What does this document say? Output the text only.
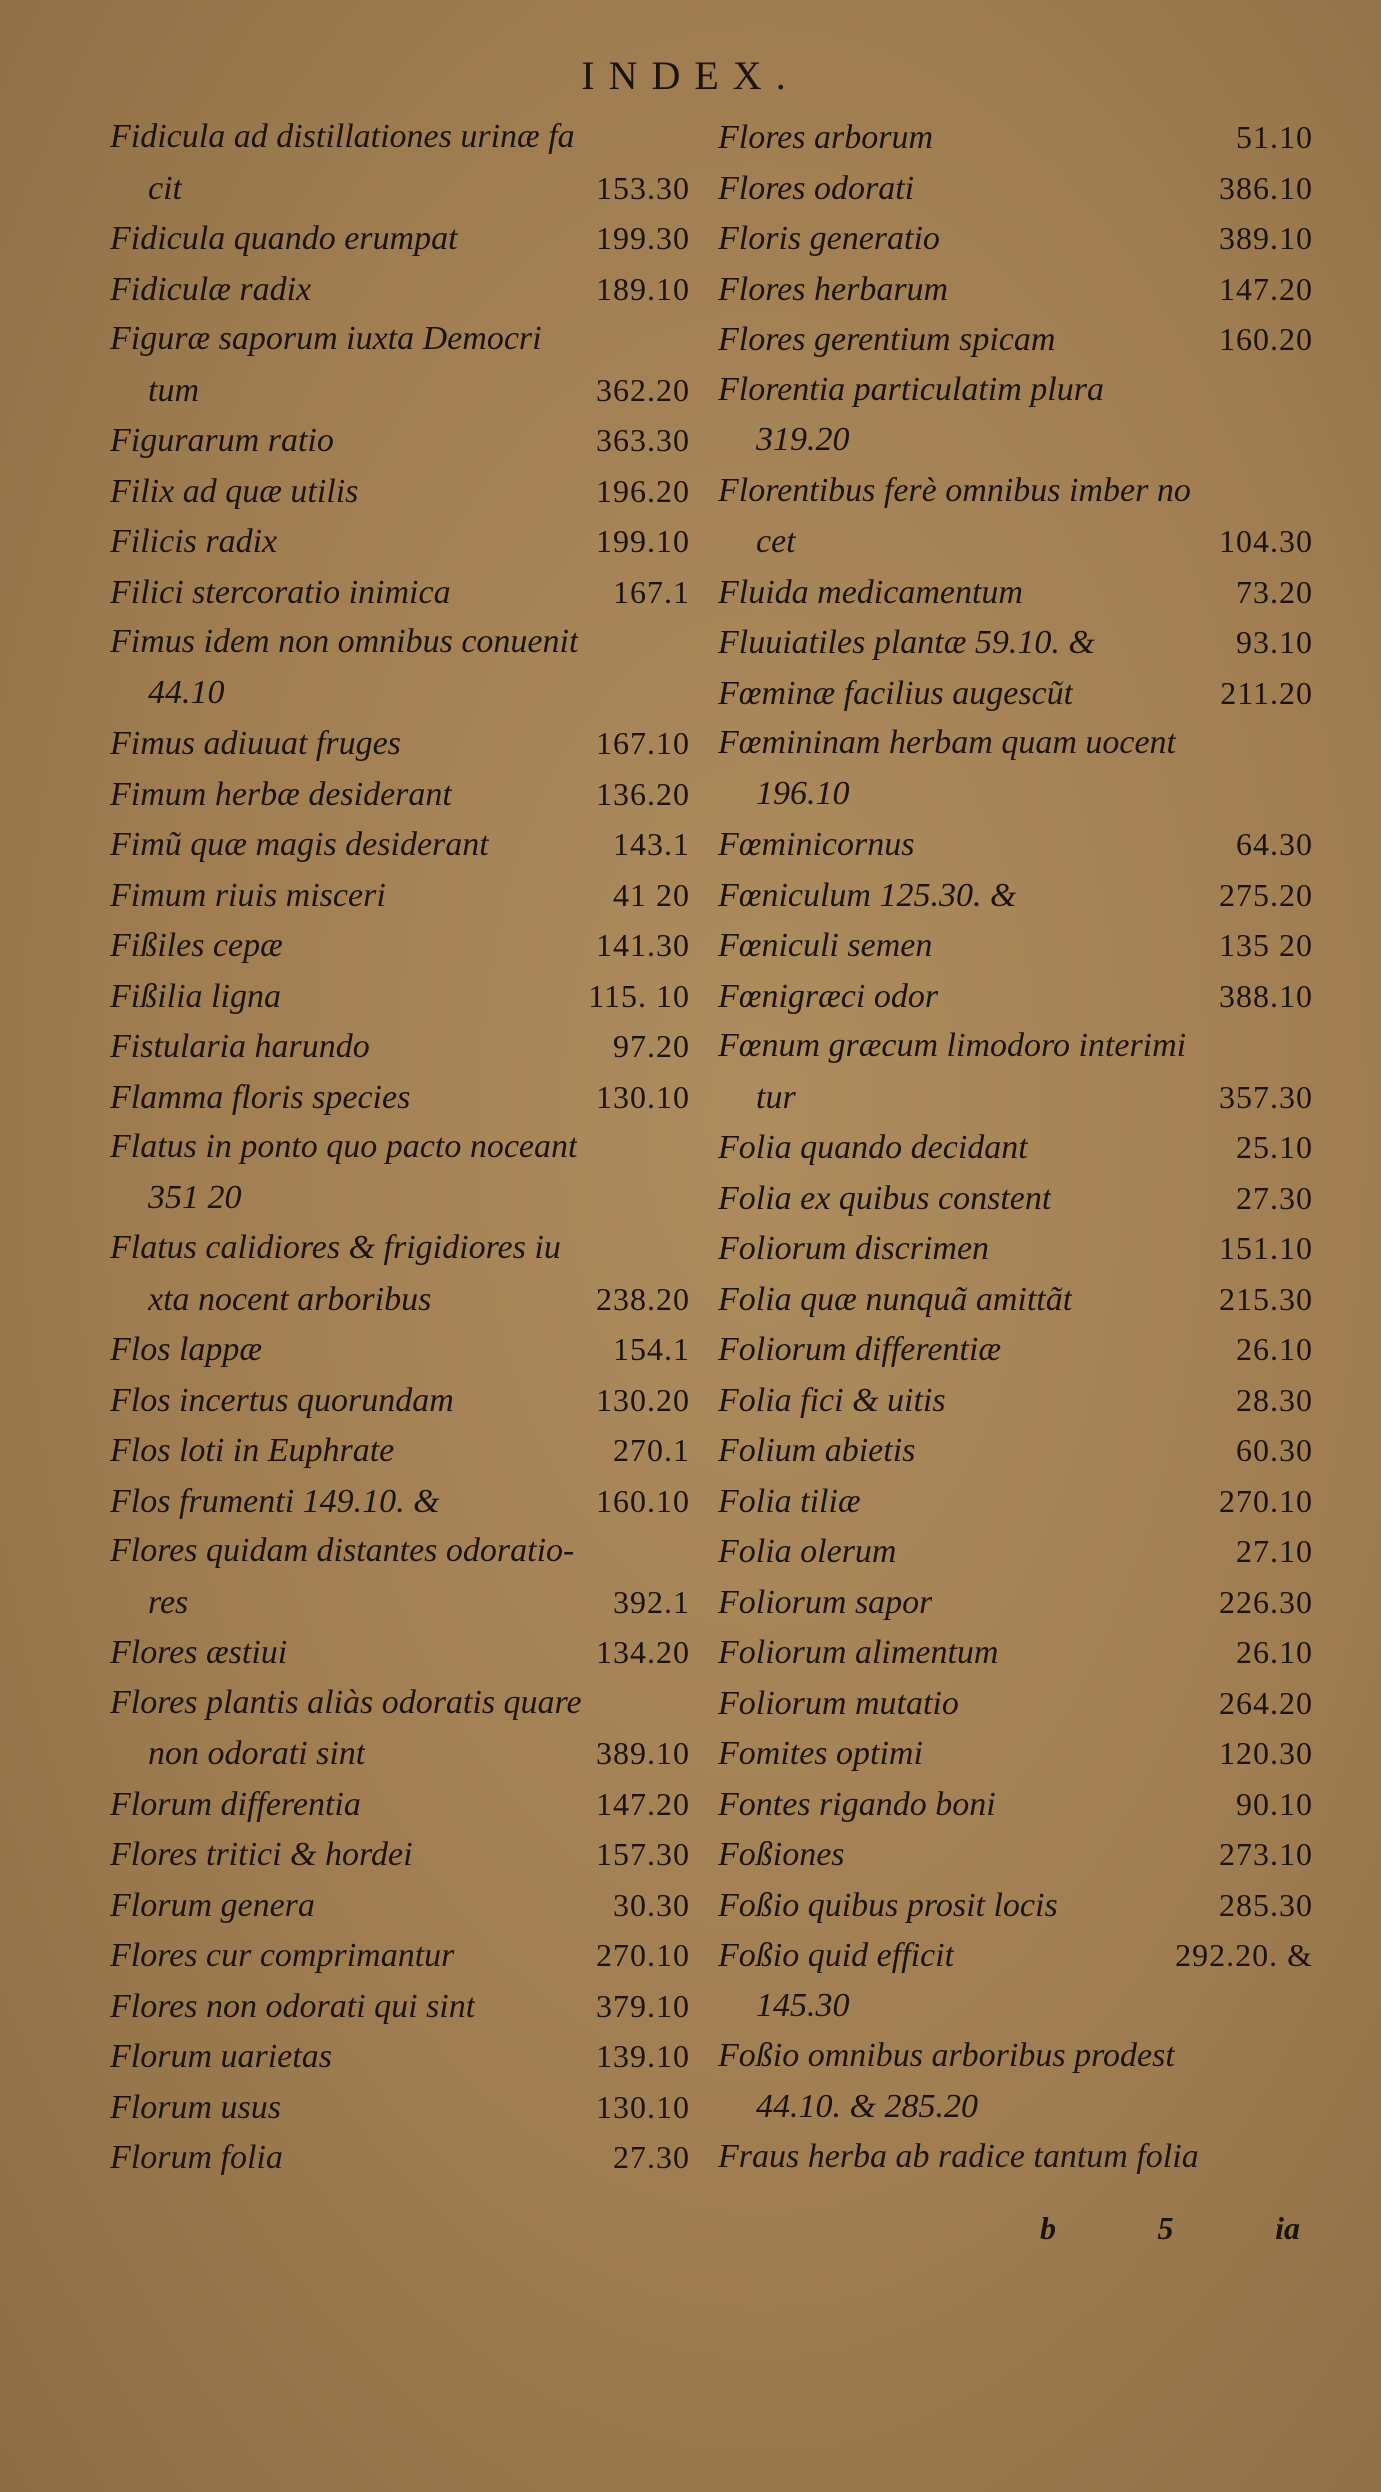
INDEX.
Fidicula ad distillationes urinæ fa
cit	153.30
Fidicula quando erumpat	199.30
Fidiculæ radix	189.10
Figuræ saporum iuxta Democri
tum	362.20
Figurarum ratio	363.30
Filix ad quæ utilis	196.20
Filicis radix	199.10
Filici stercoratio inimica	167.1
Fimus idem non omnibus conuenit
44.10
Fimus adiuuat fruges	167.10
Fimum herbæ desiderant	136.20
Fimũ quæ magis desiderant	143.1
Fimum riuis misceri	41 20
Fißiles cepæ	141.30
Fißilia ligna	115. 10
Fistularia harundo	97.20
Flamma floris species	130.10
Flatus in ponto quo pacto noceant
351 20
Flatus calidiores & frigidiores iu
xta nocent arboribus	238.20
Flos lappæ	154.1
Flos incertus quorundam	130.20
Flos loti in Euphrate	270.1
Flos frumenti 149.10. &	160.10
Flores quidam distantes odoratio-
res	392.1
Flores æstiui	134.20
Flores plantis aliàs odoratis quare
non odorati sint	389.10
Florum differentia	147.20
Flores tritici & hordei	157.30
Florum genera	30.30
Flores cur comprimantur	270.10
Flores non odorati qui sint	379.10
Florum uarietas	139.10
Florum usus	130.10
Florum folia	27.30
Flores arborum	51.10
Flores odorati	386.10
Floris generatio	389.10
Flores herbarum	147.20
Flores gerentium spicam	160.20
Florentia particulatim plura
319.20
Florentibus ferè omnibus imber no
cet	104.30
Fluida medicamentum	73.20
Fluuiatiles plantæ 59.10. &	93.10
Fœminæ facilius augescũt	211.20
Fœmininam herbam quam uocent
196.10
Fœminicornus	64.30
Fœniculum 125.30. &	275.20
Fœniculi semen	135 20
Fœnigræci odor	388.10
Fœnum græcum limodoro interimi
tur	357.30
Folia quando decidant	25.10
Folia ex quibus constent	27.30
Foliorum discrimen	151.10
Folia quæ nunquã amittãt	215.30
Foliorum differentiæ	26.10
Folia fici & uitis	28.30
Folium abietis	60.30
Folia tiliæ	270.10
Folia olerum	27.10
Foliorum sapor	226.30
Foliorum alimentum	26.10
Foliorum mutatio	264.20
Fomites optimi	120.30
Fontes rigando boni	90.10
Foßiones	273.10
Foßio quibus prosit locis	285.30
Foßio quid efficit	292.20. &
145.30
Foßio omnibus arboribus prodest
44.10. & 285.20
Fraus herba ab radice tantum folia
b	5	ia
